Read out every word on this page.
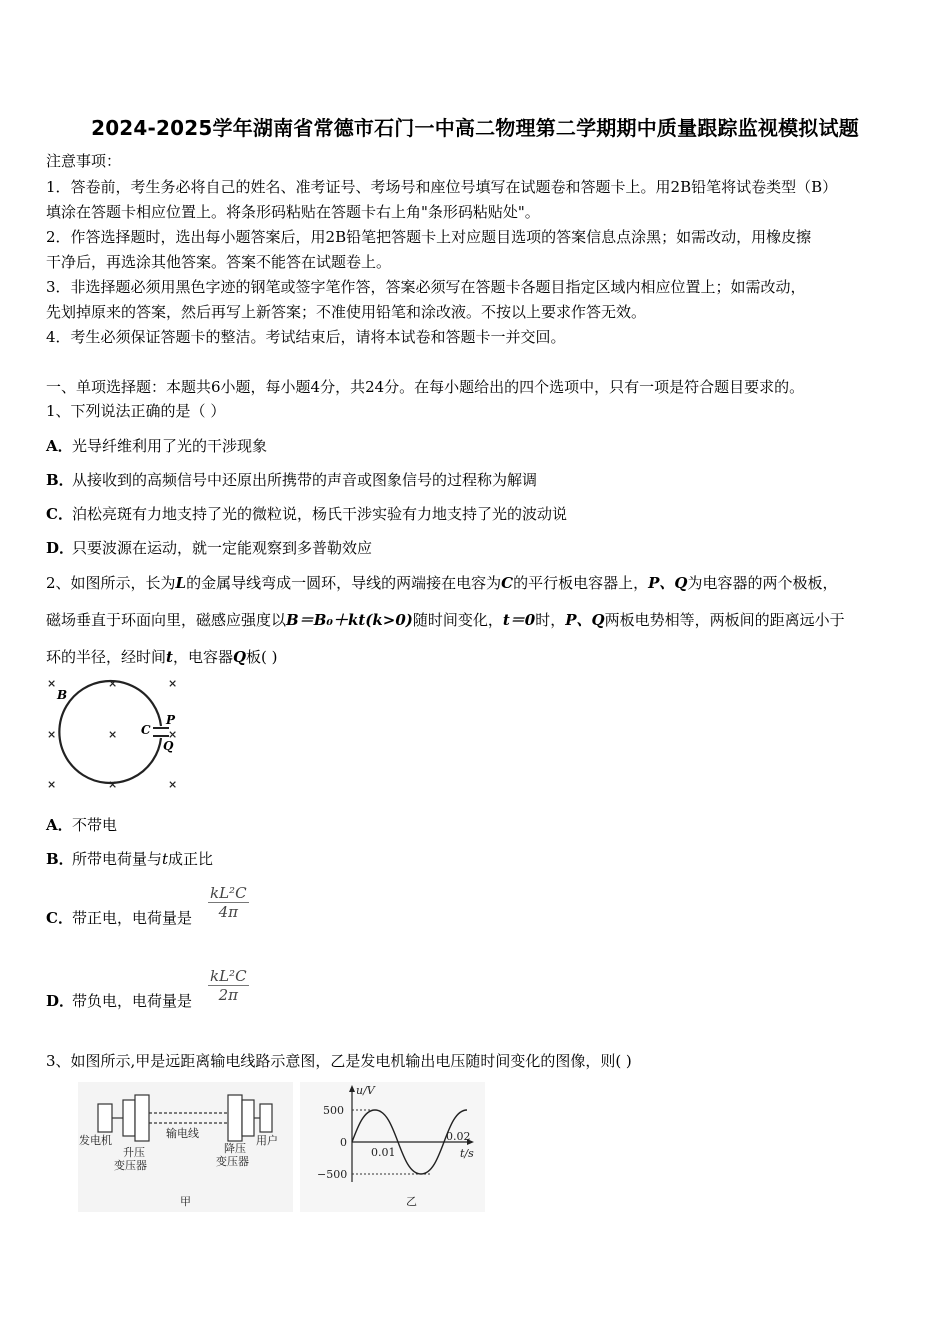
2024-2025学年湖南省常德市石门一中高二物理第二学期期中质量跟踪监视模拟试题
注意事项：
1．答卷前，考生务必将自己的姓名、准考证号、考场号和座位号填写在试题卷和答题卡上。用2B铅笔将试卷类型（B）
填涂在答题卡相应位置上。将条形码粘贴在答题卡右上角"条形码粘贴处"。
2．作答选择题时，选出每小题答案后，用2B铅笔把答题卡上对应题目选项的答案信息点涂黑；如需改动，用橡皮擦
干净后，再选涂其他答案。答案不能答在试题卷上。
3．非选择题必须用黑色字迹的钢笔或签字笔作答，答案必须写在答题卡各题目指定区域内相应位置上；如需改动，
先划掉原来的答案，然后再写上新答案；不准使用铅笔和涂改液。不按以上要求作答无效。
4．考生必须保证答题卡的整洁。考试结束后，请将本试卷和答题卡一并交回。
一、单项选择题：本题共6小题，每小题4分，共24分。在每小题给出的四个选项中，只有一项是符合题目要求的。
1、下列说法正确的是（ ）
A．光导纤维利用了光的干涉现象
B．从接收到的高频信号中还原出所携带的声音或图象信号的过程称为解调
C．泊松亮斑有力地支持了光的微粒说，杨氏干涉实验有力地支持了光的波动说
D．只要波源在运动，就一定能观察到多普勒效应
2、如图所示，长为L的金属导线弯成一圆环，导线的两端接在电容为C的平行板电容器上，P、Q为电容器的两个极板，
磁场垂直于环面向里，磁感应强度以B＝B₀＋kt(k>0)随时间变化，t＝0时，P、Q两板电势相等，两板间的距离远小于
环的半径，经时间t，电容器Q板( )
×	×	×
×	×	×
×	×	×
B
C
P
Q
A．不带电
B．所带电荷量与t成正比
C．带正电，电荷量是 $\frac{\text{kL²C}}{4\pi}$
D．带负电，电荷量是 $\frac{\text{kL²C}}{2\pi}$
3、如图所示,甲是远距离输电线路示意图，乙是发电机输出电压随时间变化的图像，则( )
发电机
输电线
用户
升压
变压器
降压
变压器
甲
u/V
500
0
−500
0.01
0.02
t/s
乙
